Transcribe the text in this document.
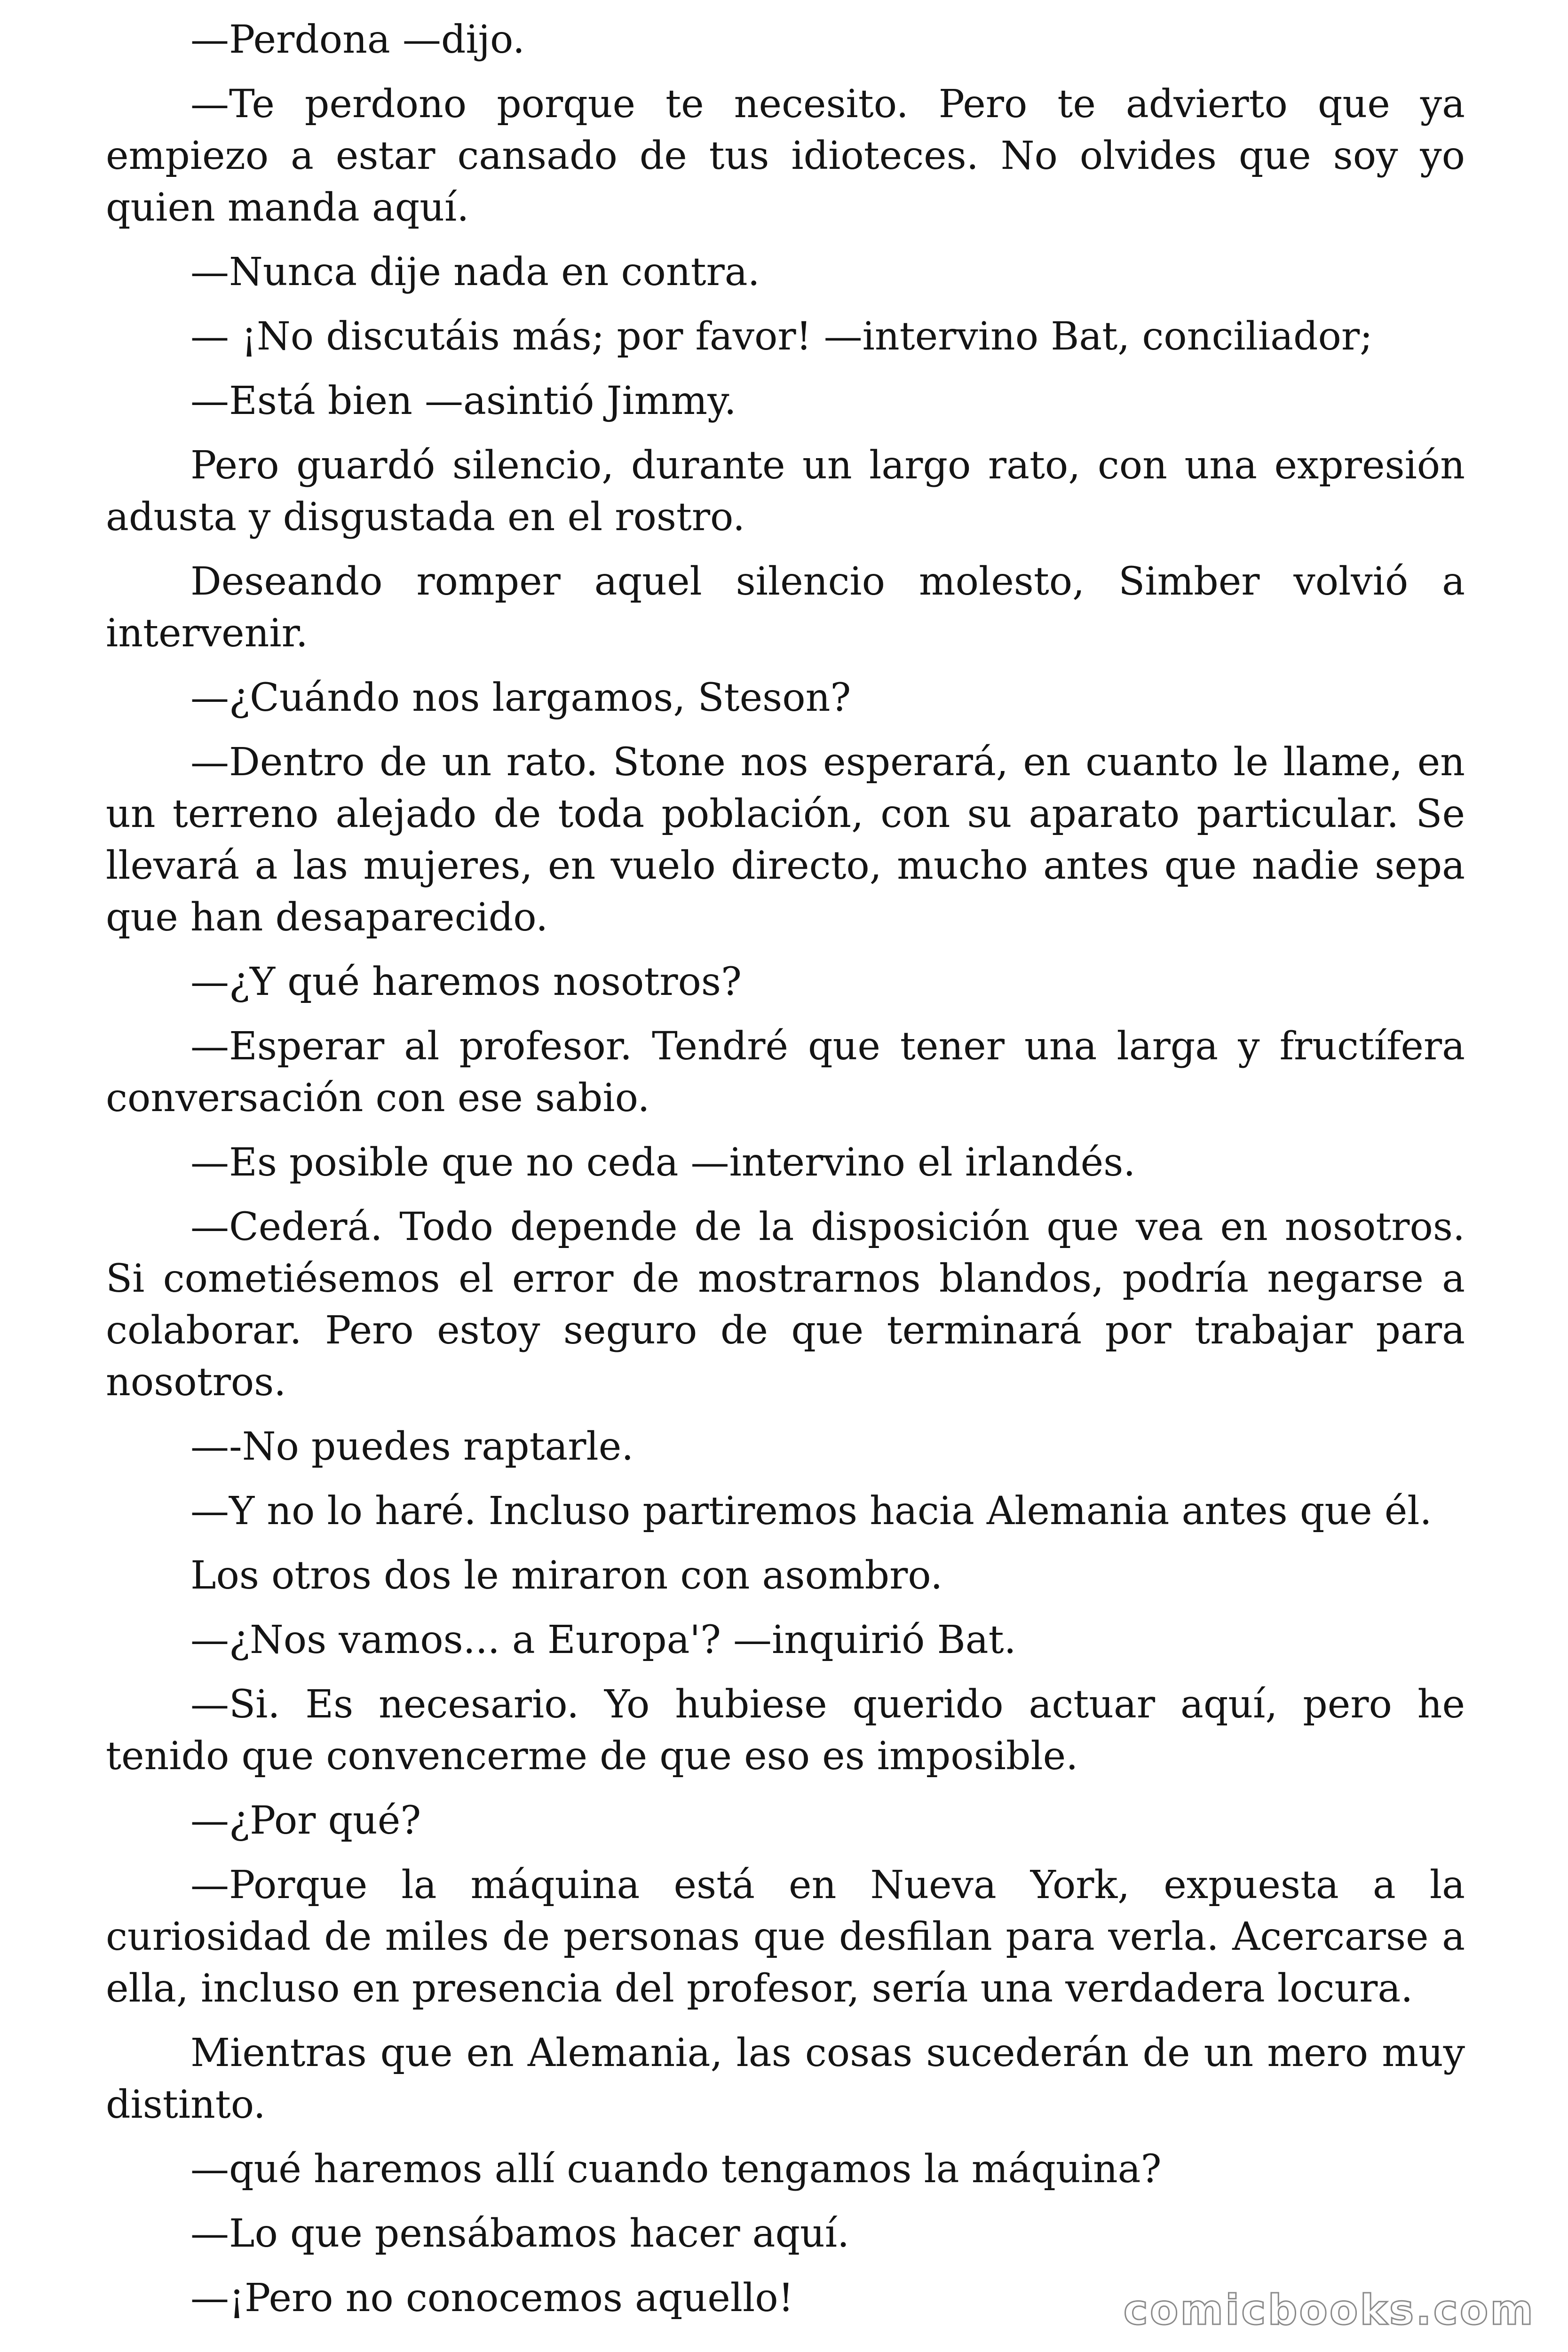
—Perdona —dijo.

—Te perdono porque te necesito. Pero te advierto que ya empiezo a estar cansado de tus idioteces. No olvides que soy yo quien manda aquí.

—Nunca dije nada en contra.

— ¡No discutáis más; por favor! —intervino Bat, conciliador;

—Está bien —asintió Jimmy.

Pero guardó silencio, durante un largo rato, con una expresión adusta y disgustada en el rostro.

Deseando romper aquel silencio molesto, Simber volvió a intervenir.

—¿Cuándo nos largamos, Steson?

—Dentro de un rato. Stone nos esperará, en cuanto le llame, en un terreno alejado de toda población, con su aparato particular. Se llevará a las mujeres, en vuelo directo, mucho antes que nadie sepa que han desaparecido.

—¿Y qué haremos nosotros?

—Esperar al profesor. Tendré que tener una larga y fructífera conversación con ese sabio.

—Es posible que no ceda —intervino el irlandés.

—Cederá. Todo depende de la disposición que vea en nosotros. Si cometiésemos el error de mostrarnos blandos, podría negarse a colaborar. Pero estoy seguro de que terminará por trabajar para nosotros.

—-No puedes raptarle.

—Y no lo haré. Incluso partiremos hacia Alemania antes que él.

Los otros dos le miraron con asombro.

—¿Nos vamos... a Europa'? —inquirió Bat.

—Si. Es necesario. Yo hubiese querido actuar aquí, pero he tenido que convencerme de que eso es imposible.

—¿Por qué?

—Porque la máquina está en Nueva York, expuesta a la curiosidad de miles de personas que desfilan para verla. Acercarse a ella, incluso en presencia del profesor, sería una verdadera locura.

Mientras que en Alemania, las cosas sucederán de un mero muy distinto.

—qué haremos allí cuando tengamos la máquina?

—Lo que pensábamos hacer aquí.

—¡Pero no conocemos aquello!	comicbooks.com
